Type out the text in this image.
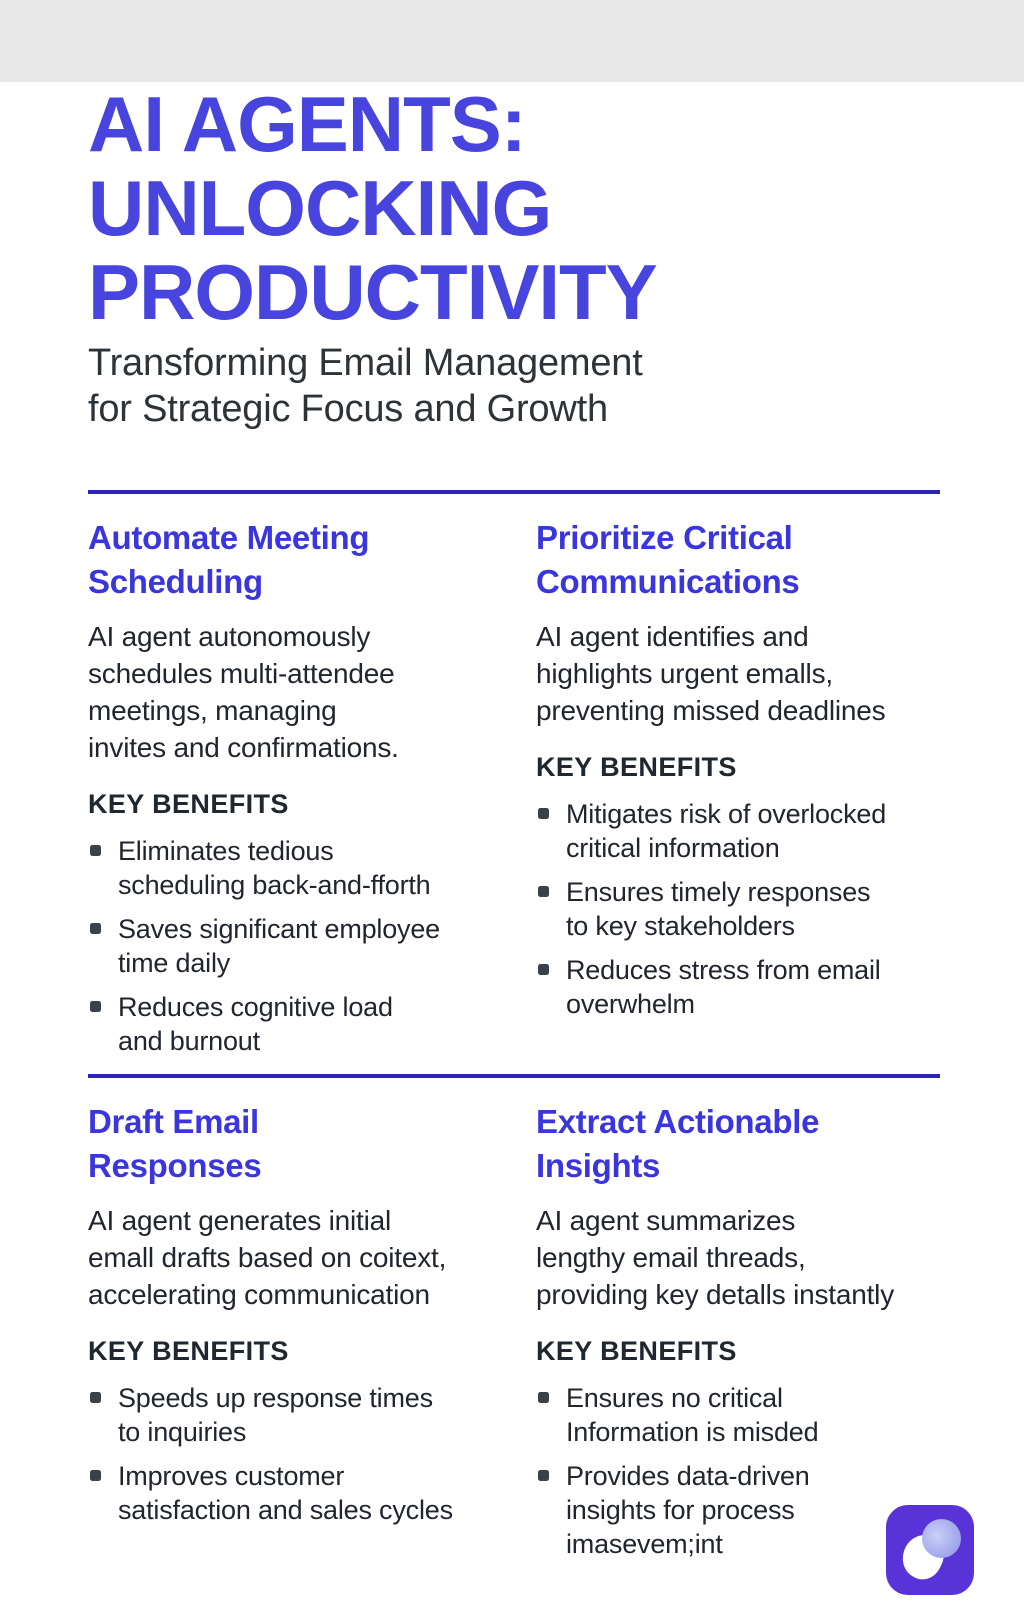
AI AGENTS:
UNLOCKING
PRODUCTIVITY

Transforming Email Management
for Strategic Focus and Growth

Automate Meeting
Scheduling

AI agent autonomously
schedules multi-attendee
meetings, managing
invites and confirmations.

KEY BENEFITS
Eliminates tedious
scheduling back-and-fforth
Saves significant employee
time daily
Reduces cognitive load
and burnout
Prioritize Critical
Communications

AI agent identifies and
highlights urgent emalls,
preventing missed deadlines

KEY BENEFITS
Mitigates risk of overlocked
critical information
Ensures timely responses
to key stakeholders
Reduces stress from email
overwhelm
Draft Email
Responses

AI agent generates initial
emall drafts based on coitext,
accelerating communication

KEY BENEFITS
Speeds up response times
to inquiries
Improves customer
satisfaction and sales cycles
Extract Actionable
Insights

AI agent summarizes
lengthy email threads,
providing key detalls instantly

KEY BENEFITS
Ensures no critical
Information is misded
Provides data-driven
insights for process
imasevem;int
